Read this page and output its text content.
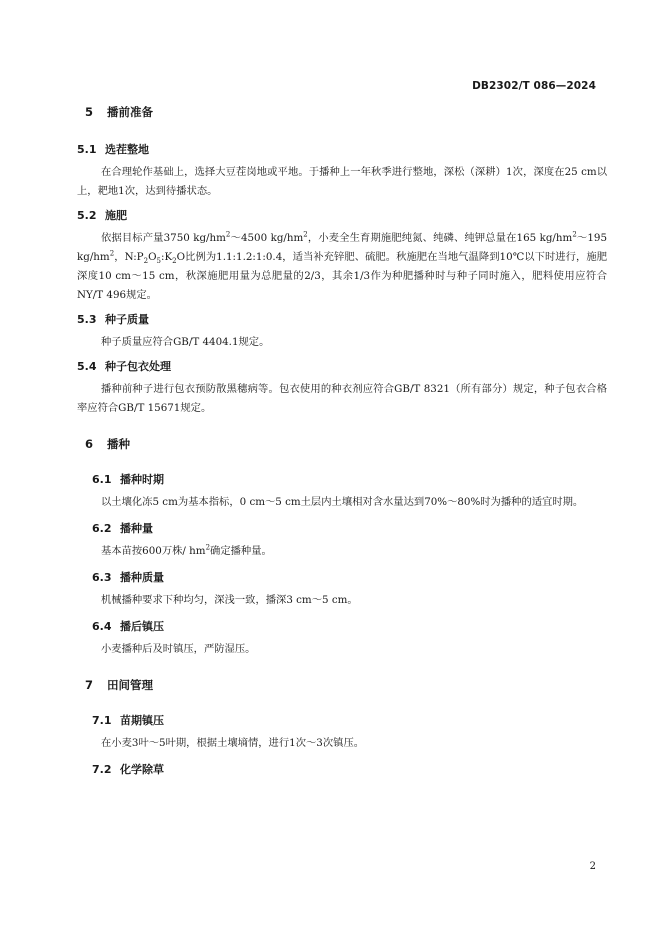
DB2302/T 086—2024
5 播前准备
5.1 选茬整地

在合理轮作基础上，选择大豆茬岗地或平地。于播种上一年秋季进行整地，深松（深耕）1次，深度在25 cm以上，耙地1次，达到待播状态。

5.2 施肥

依据目标产量3750 $kg/hm^2\sim 4500$ $kg/hm^2$，小麦全生育期施肥纯氮、纯磷、纯钾总量在165 $kg/hm^2\sim 195$ $kg/hm^2$，$N:P_2O_5:K_2O$比例为1.1:1.2:1:0.4，适当补充锌肥、硫肥。秋施肥在当地气温降到10℃以下时进行，施肥深度10 cm～15 cm，秋深施肥用量为总肥量的2/3，其余1/3作为种肥播种时与种子同时施入，肥料使用应符合NY/T 496规定。

5.3 种子质量

种子质量应符合GB/T 4404.1规定。

5.4 种子包衣处理

播种前种子进行包衣预防散黑穗病等。包衣使用的种衣剂应符合GB/T 8321（所有部分）规定，种子包衣合格率应符合GB/T 15671规定。

6 播种
6.1 播种时期

以土壤化冻5 cm为基本指标，0 cm～5 cm土层内土壤相对含水量达到70%～80%时为播种的适宜时期。

6.2 播种量

基本苗按600万株/ $hm^2$确定播种量。

6.3 播种质量

机械播种要求下种均匀，深浅一致，播深3 cm～5 cm。

6.4 播后镇压

小麦播种后及时镇压，严防湿压。

7 田间管理
7.1 苗期镇压

在小麦3叶～5叶期，根据土壤墒情，进行1次～3次镇压。

7.2 化学除草
2
